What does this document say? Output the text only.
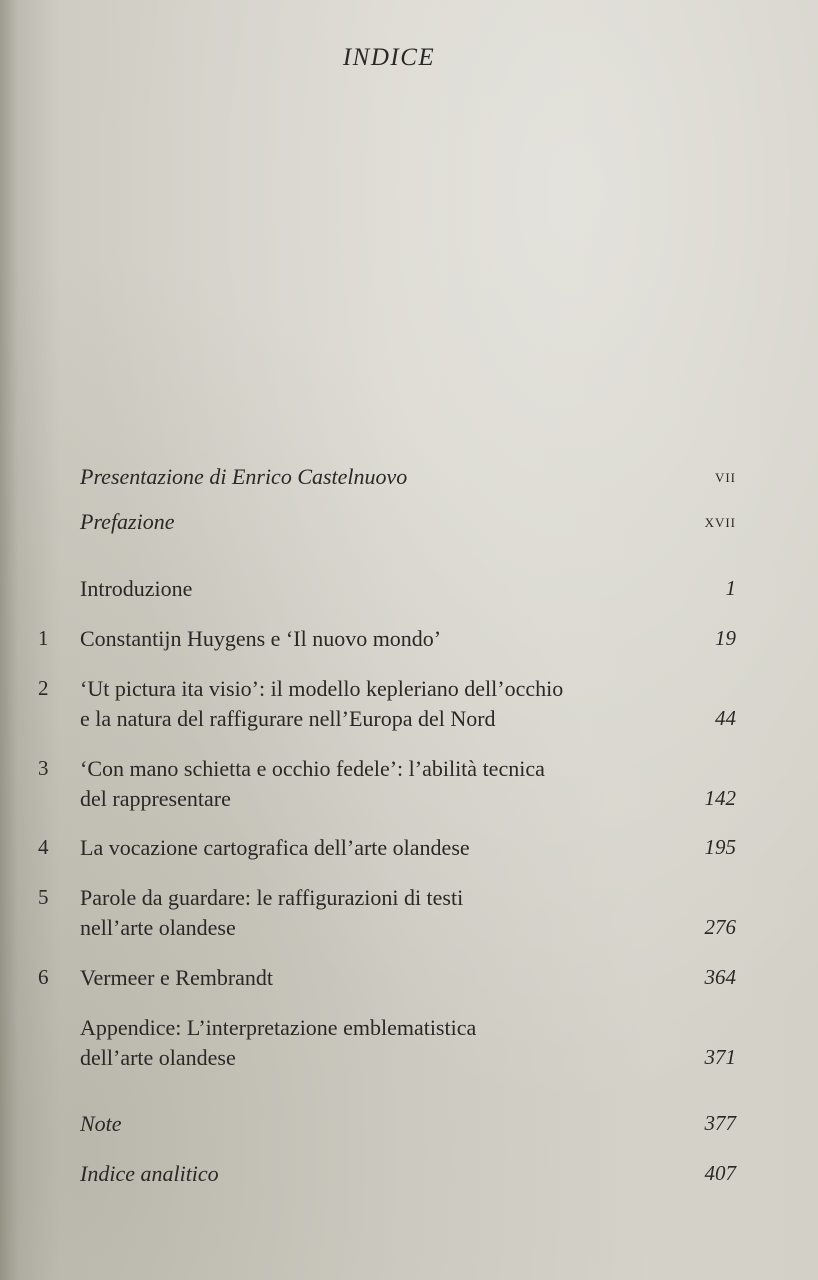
INDICE
Presentazione di Enrico Castelnuovo	vii
Prefazione	xvii
Introduzione	1
1	Constantijn Huygens e ‘Il nuovo mondo’	19
2	‘Ut pictura ita visio’: il modello kepleriano dell’occhio
e la natura del raffigurare nell’Europa del Nord	44
3	‘Con mano schietta e occhio fedele’: l’abilità tecnica
del rappresentare	142
4	La vocazione cartografica dell’arte olandese	195
5	Parole da guardare: le raffigurazioni di testi
nell’arte olandese	276
6	Vermeer e Rembrandt	364
Appendice: L’interpretazione emblematistica
dell’arte olandese	371
Note	377
Indice analitico	407
